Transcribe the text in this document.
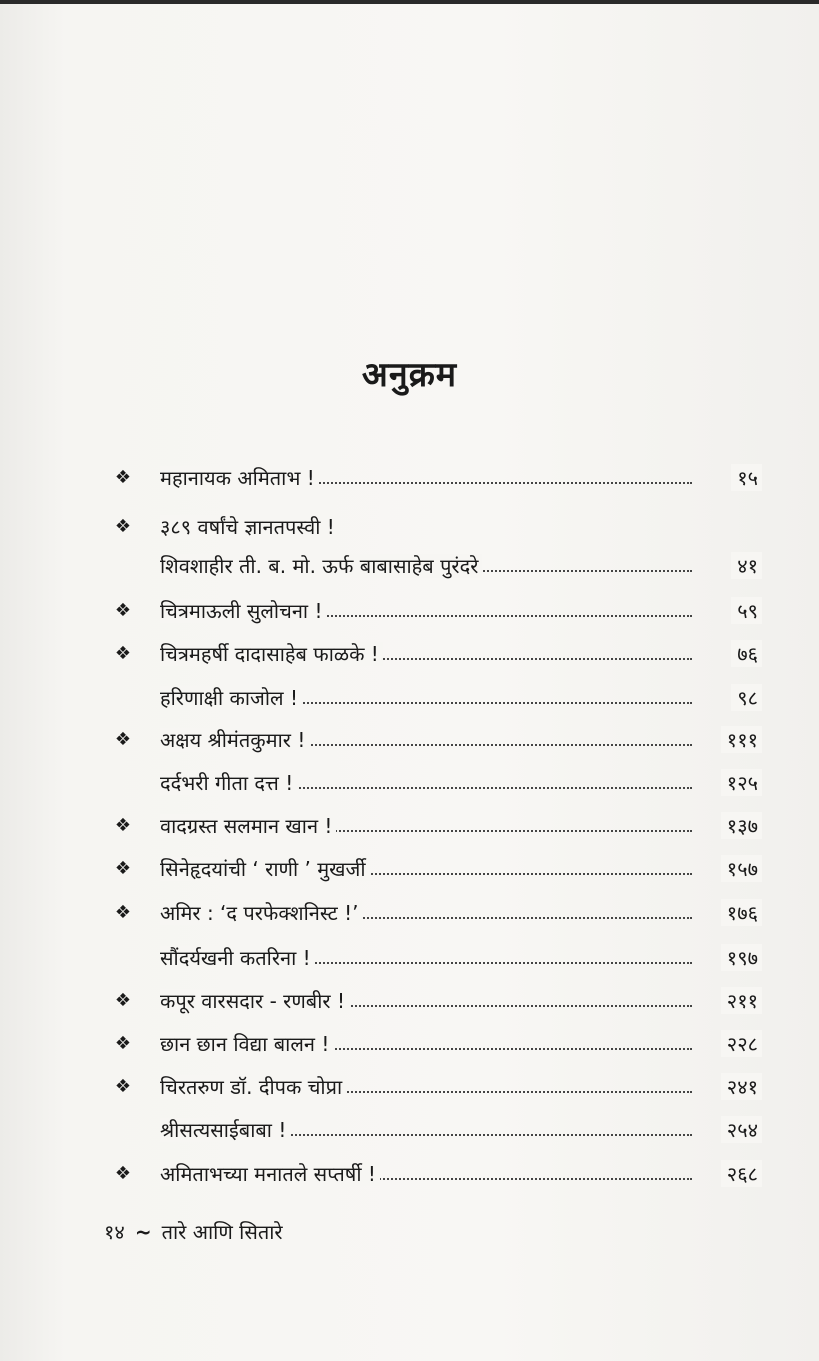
अनुक्रम
❖ महानायक अमिताभ !	१५
❖ ३८९ वर्षांचे ज्ञानतपस्वी !
शिवशाहीर ती. ब. मो. ऊर्फ बाबासाहेब पुरंदरे	४१
❖ चित्रमाऊली सुलोचना !	५९
❖ चित्रमहर्षी दादासाहेब फाळके !	७६
हरिणाक्षी काजोल !	९८
❖ अक्षय श्रीमंतकुमार !	१११
दर्दभरी गीता दत्त !	१२५
❖ वादग्रस्त सलमान खान !	१३७
❖ सिनेहृदयांची ‘ राणी ’ मुखर्जी	१५७
❖ अमिर : ‘द परफेक्शनिस्ट !’	१७६
सौंदर्यखनी कतरिना !	१९७
❖ कपूर वारसदार - रणबीर !	२११
❖ छान छान विद्या बालन !	२२८
❖ चिरतरुण डॉ. दीपक चोप्रा	२४१
श्रीसत्यसाईबाबा !	२५४
❖ अमिताभच्या मनातले सप्तर्षी !	२६८
१४ ~ तारे आणि सितारे
